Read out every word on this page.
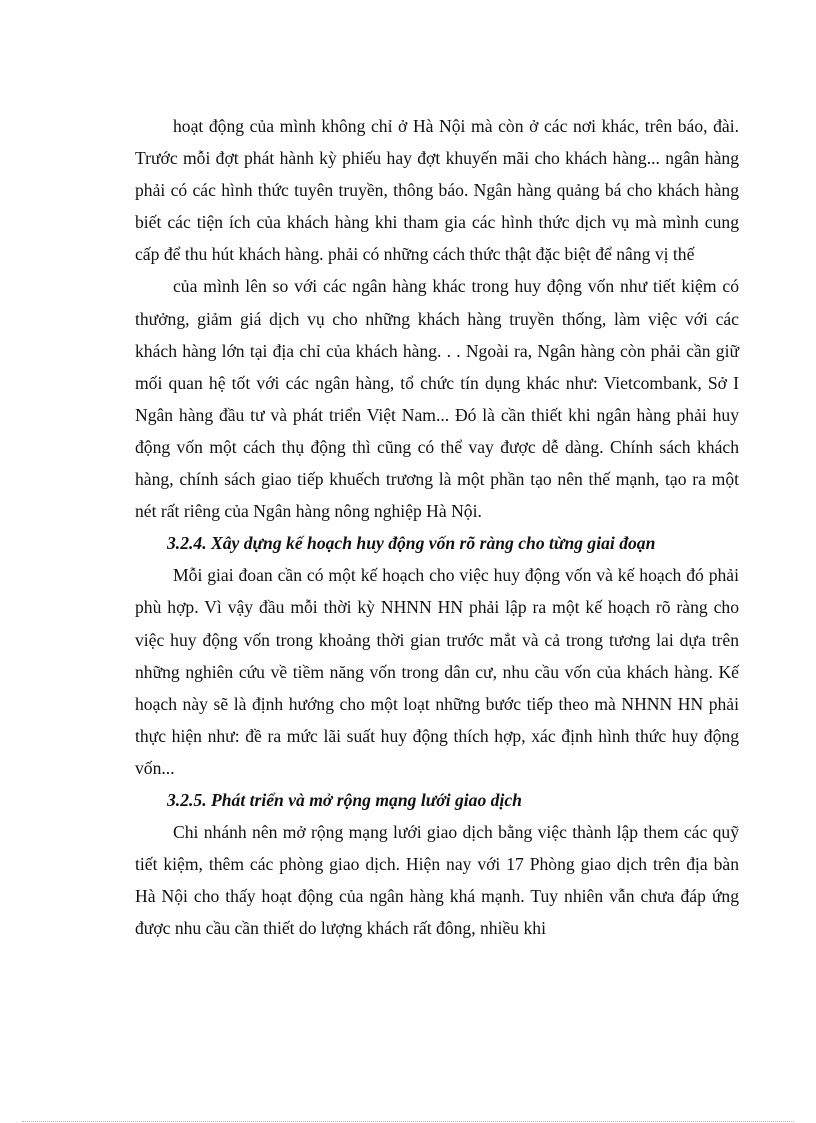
hoạt động của mình không chỉ ở Hà Nội mà còn ở các nơi khác, trên báo, đài. Trước mỗi đợt phát hành kỳ phiếu hay đợt khuyến mãi cho khách hàng... ngân hàng phải có các hình thức tuyên truyền, thông báo. Ngân hàng quảng bá cho khách hàng biết các tiện ích của khách hàng khi tham gia các hình thức dịch vụ mà mình cung cấp để thu hút khách hàng. phải có những cách thức thật đặc biệt để nâng vị thế

của mình lên so với các ngân hàng khác trong huy động vốn như tiết kiệm có thưởng, giảm giá dịch vụ cho những khách hàng truyền thống, làm việc với các khách hàng lớn tại địa chỉ của khách hàng. . . Ngoài ra, Ngân hàng còn phải cần giữ mối quan hệ tốt với các ngân hàng, tổ chức tín dụng khác như: Vietcombank, Sở I Ngân hàng đầu tư và phát triển Việt Nam... Đó là cần thiết khi ngân hàng phải huy động vốn một cách thụ động thì cũng có thể vay được dễ dàng. Chính sách khách hàng, chính sách giao tiếp khuếch trương là một phần tạo nên thế mạnh, tạo ra một nét rất riêng của Ngân hàng nông nghiệp Hà Nội.

3.2.4. Xây dựng kế hoạch huy động vốn rõ ràng cho từng giai đoạn

Mỗi giai đoan cần có một kế hoạch cho việc huy động vốn và kế hoạch đó phải phù hợp. Vì vậy đầu mỗi thời kỳ NHNN HN phải lập ra một kế hoạch rõ ràng cho việc huy động vốn trong khoảng thời gian trước mắt và cả trong tương lai dựa trên những nghiên cứu về tiềm năng vốn trong dân cư, nhu cầu vốn của khách hàng. Kế hoạch này sẽ là định hướng cho một loạt những bước tiếp theo mà NHNN HN phải thực hiện như: đề ra mức lãi suất huy động thích hợp, xác định hình thức huy động vốn...

3.2.5. Phát triển và mở rộng mạng lưới giao dịch

Chi nhánh nên mở rộng mạng lưới giao dịch bằng việc thành lập them các quỹ tiết kiệm, thêm các phòng giao dịch. Hiện nay với 17 Phòng giao dịch trên địa bàn Hà Nội cho thấy hoạt động của ngân hàng khá mạnh. Tuy nhiên vẫn chưa đáp ứng được nhu cầu cần thiết do lượng khách rất đông, nhiều khi
